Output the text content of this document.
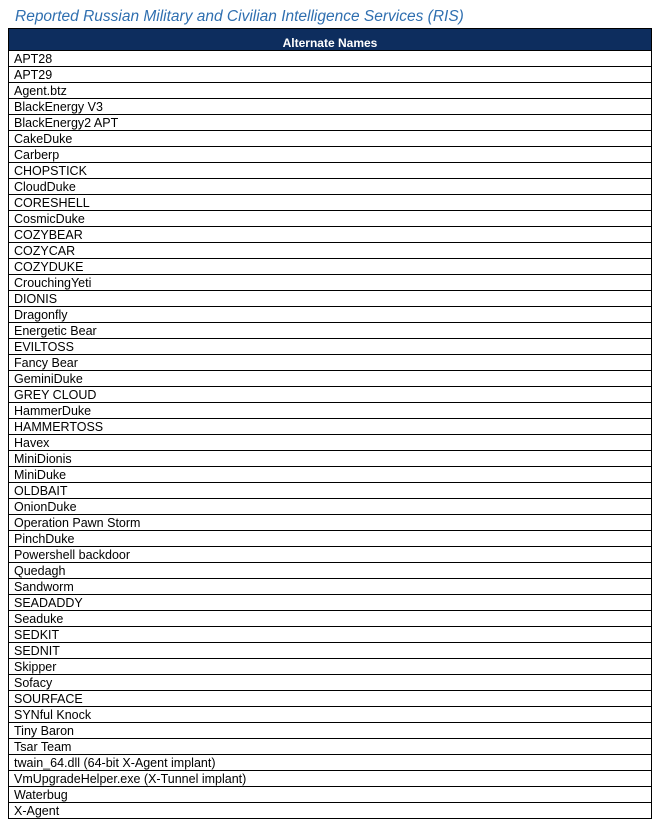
Reported Russian Military and Civilian Intelligence Services (RIS)
Alternate Names
APT28
APT29
Agent.btz
BlackEnergy V3
BlackEnergy2 APT
CakeDuke
Carberp
CHOPSTICK
CloudDuke
CORESHELL
CosmicDuke
COZYBEAR
COZYCAR
COZYDUKE
CrouchingYeti
DIONIS
Dragonfly
Energetic Bear
EVILTOSS
Fancy Bear
GeminiDuke
GREY CLOUD
HammerDuke
HAMMERTOSS
Havex
MiniDionis
MiniDuke
OLDBAIT
OnionDuke
Operation Pawn Storm
PinchDuke
Powershell backdoor
Quedagh
Sandworm
SEADADDY
Seaduke
SEDKIT
SEDNIT
Skipper
Sofacy
SOURFACE
SYNful Knock
Tiny Baron
Tsar Team
twain_64.dll (64-bit X-Agent implant)
VmUpgradeHelper.exe (X-Tunnel implant)
Waterbug
X-Agent
